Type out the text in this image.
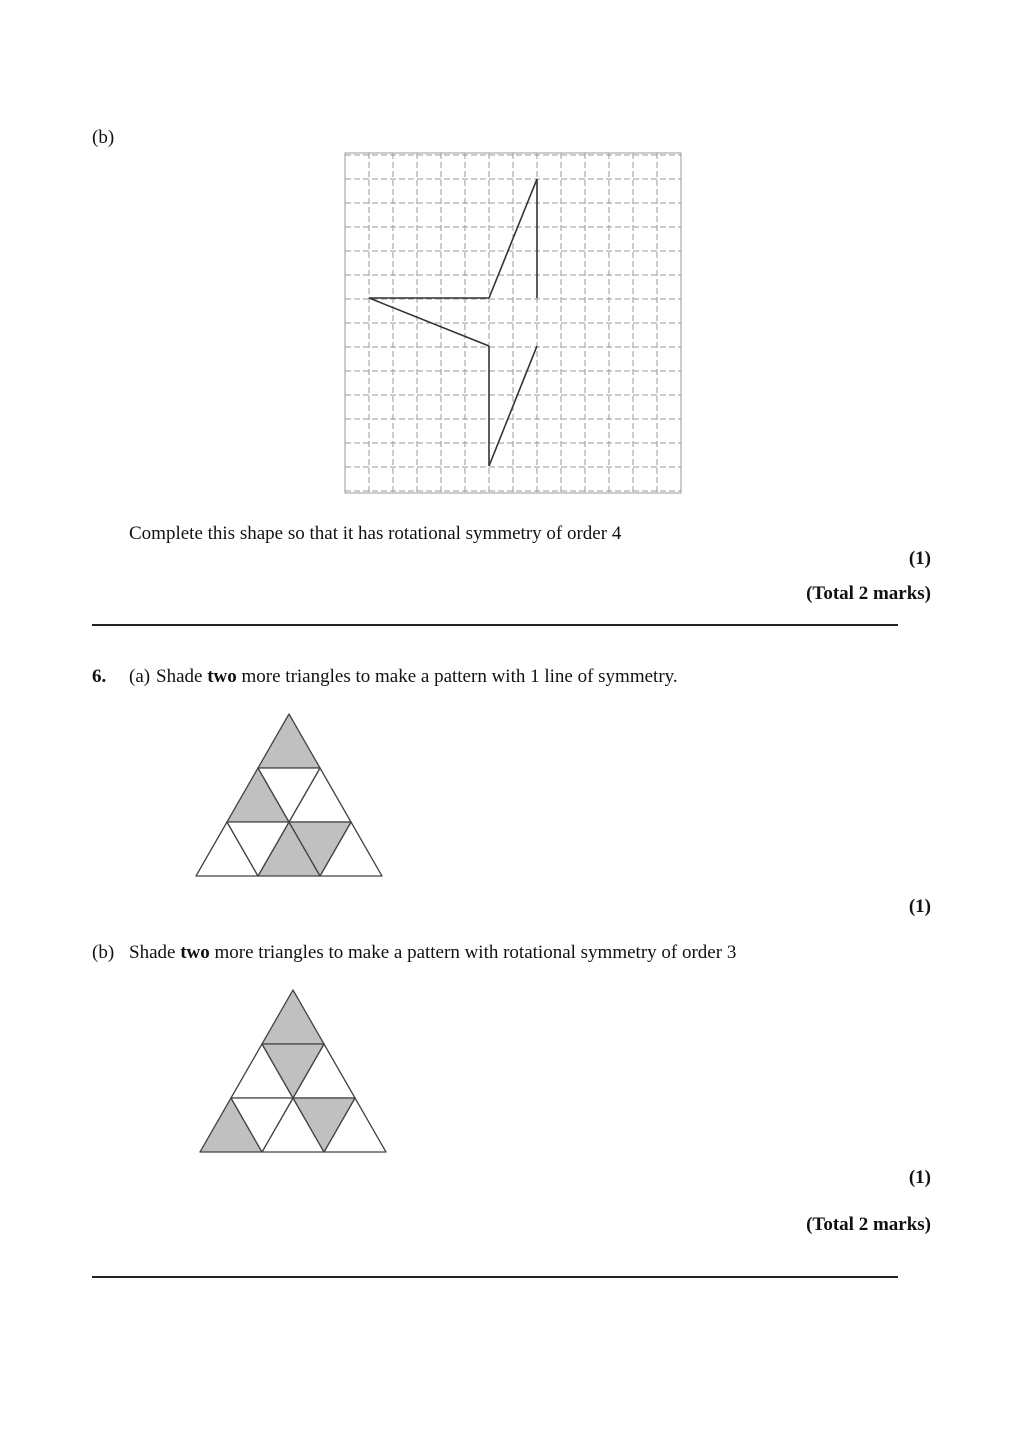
(b)
Complete this shape so that it has rotational symmetry of order 4
(1)
(Total 2 marks)
6. (a) Shade two more triangles to make a pattern with 1 line of symmetry.
(1)
(b) Shade two more triangles to make a pattern with rotational symmetry of order 3
(1)
(Total 2 marks)
